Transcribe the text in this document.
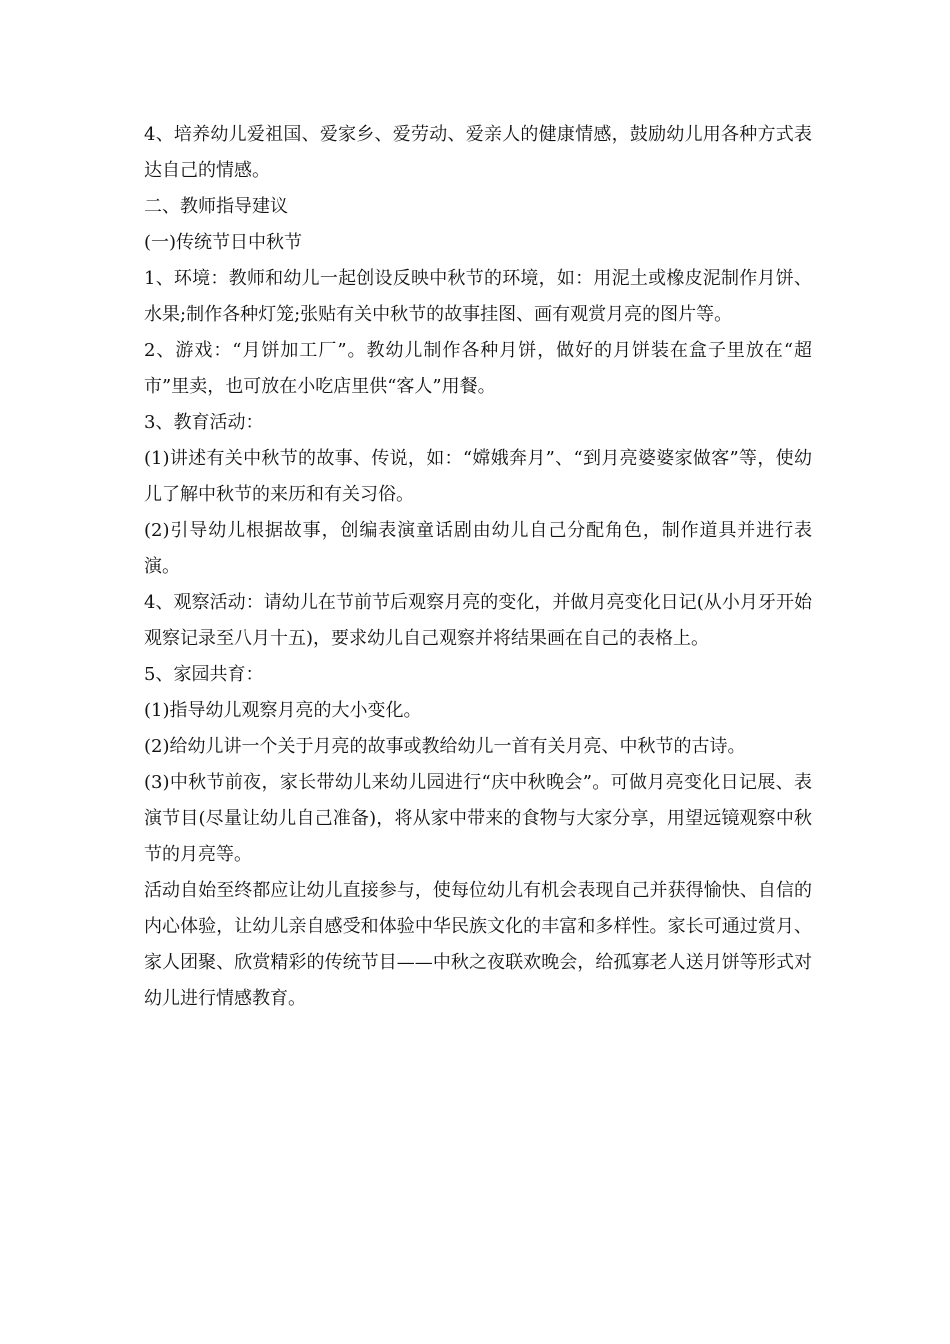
4、培养幼儿爱祖国、爱家乡、爱劳动、爱亲人的健康情感，鼓励幼儿用各种方式表达自己的情感。

二、教师指导建议

(一)传统节日中秋节

1、环境：教师和幼儿一起创设反映中秋节的环境，如：用泥土或橡皮泥制作月饼、水果;制作各种灯笼;张贴有关中秋节的故事挂图、画有观赏月亮的图片等。

2、游戏：“月饼加工厂”。教幼儿制作各种月饼，做好的月饼装在盒子里放在“超市”里卖，也可放在小吃店里供“客人”用餐。

3、教育活动：

(1)讲述有关中秋节的故事、传说，如：“嫦娥奔月”、“到月亮婆婆家做客”等，使幼儿了解中秋节的来历和有关习俗。

(2)引导幼儿根据故事，创编表演童话剧由幼儿自己分配角色，制作道具并进行表演。

4、观察活动：请幼儿在节前节后观察月亮的变化，并做月亮变化日记(从小月牙开始观察记录至八月十五)，要求幼儿自己观察并将结果画在自己的表格上。

5、家园共育：

(1)指导幼儿观察月亮的大小变化。

(2)给幼儿讲一个关于月亮的故事或教给幼儿一首有关月亮、中秋节的古诗。

(3)中秋节前夜，家长带幼儿来幼儿园进行“庆中秋晚会”。可做月亮变化日记展、表演节目(尽量让幼儿自己准备)，将从家中带来的食物与大家分享，用望远镜观察中秋节的月亮等。

活动自始至终都应让幼儿直接参与，使每位幼儿有机会表现自己并获得愉快、自信的内心体验，让幼儿亲自感受和体验中华民族文化的丰富和多样性。家长可通过赏月、家人团聚、欣赏精彩的传统节目——中秋之夜联欢晚会，给孤寡老人送月饼等形式对幼儿进行情感教育。
